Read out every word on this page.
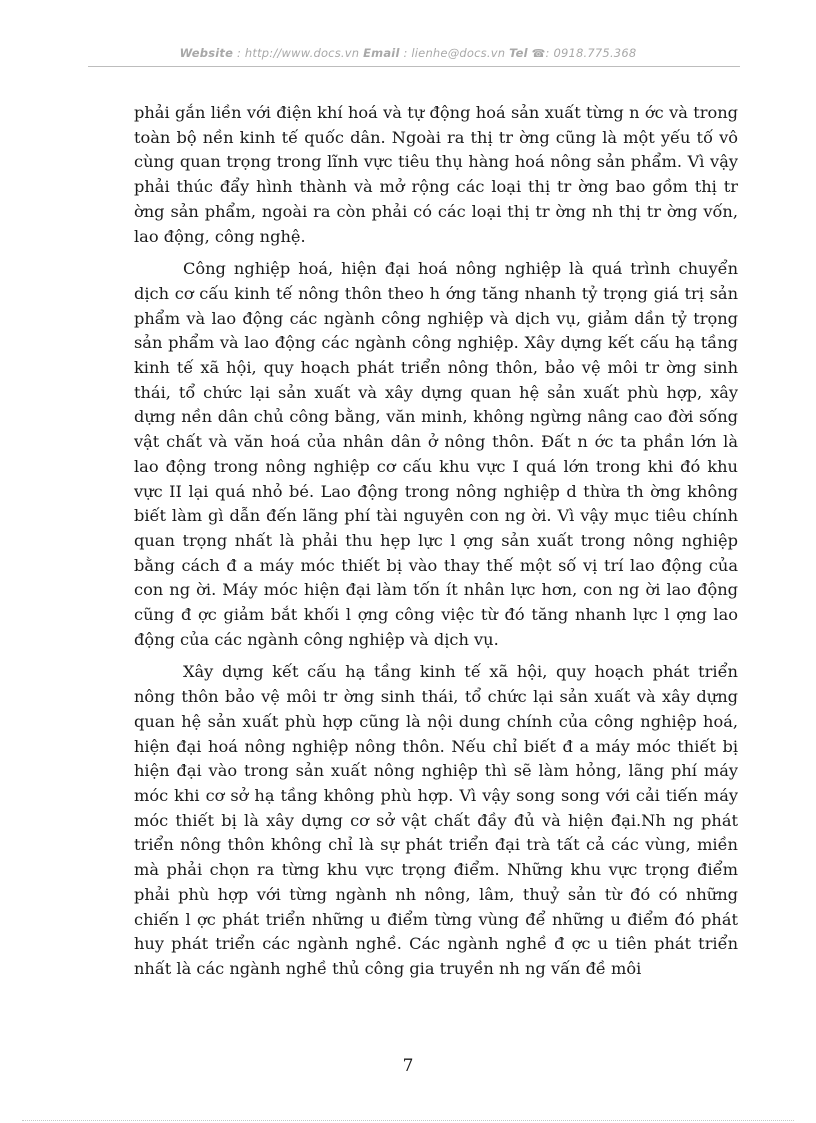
Website : http://www.docs.vn Email : lienhe@docs.vn Tel ☎: 0918.775.368

phải gắn liền với điện khí hoá và tự động hoá sản xuất từng n ớc và trong toàn bộ nền kinh tế quốc dân. Ngoài ra thị tr ờng cũng là một yếu tố vô cùng quan trọng trong lĩnh vực tiêu thụ hàng hoá nông sản phẩm. Vì vậy phải thúc đẩy hình thành và mở rộng các loại thị tr ờng bao gồm thị tr ờng sản phẩm, ngoài ra còn phải có các loại thị tr ờng nh thị tr ờng vốn, lao động, công nghệ.

Công nghiệp hoá, hiện đại hoá nông nghiệp là quá trình chuyển dịch cơ cấu kinh tế nông thôn theo h ớng tăng nhanh tỷ trọng giá trị sản phẩm và lao động các ngành công nghiệp và dịch vụ, giảm dần tỷ trọng sản phẩm và lao động các ngành công nghiệp. Xây dựng kết cấu hạ tầng kinh tế xã hội, quy hoạch phát triển nông thôn, bảo vệ môi tr ờng sinh thái, tổ chức lại sản xuất và xây dựng quan hệ sản xuất phù hợp, xây dựng nền dân chủ công bằng, văn minh, không ngừng nâng cao đời sống vật chất và văn hoá của nhân dân ở nông thôn. Đất n ớc ta phần lớn là lao động trong nông nghiệp cơ cấu khu vực I quá lớn trong khi đó khu vực II lại quá nhỏ bé. Lao động trong nông nghiệp d thừa th ờng không biết làm gì dẫn đến lãng phí tài nguyên con ng ời. Vì vậy mục tiêu chính quan trọng nhất là phải thu hẹp lực l ợng sản xuất trong nông nghiệp bằng cách đ a máy móc thiết bị vào thay thế một số vị trí lao động của con ng ời. Máy móc hiện đại làm tốn ít nhân lực hơn, con ng ời lao động cũng đ ợc giảm bắt khối l ợng công việc từ đó tăng nhanh lực l ợng lao động của các ngành công nghiệp và dịch vụ.

Xây dựng kết cấu hạ tầng kinh tế xã hội, quy hoạch phát triển nông thôn bảo vệ môi tr ờng sinh thái, tổ chức lại sản xuất và xây dựng quan hệ sản xuất phù hợp cũng là nội dung chính của công nghiệp hoá, hiện đại hoá nông nghiệp nông thôn. Nếu chỉ biết đ a máy móc thiết bị hiện đại vào trong sản xuất nông nghiệp thì sẽ làm hỏng, lãng phí máy móc khi cơ sở hạ tầng không phù hợp. Vì vậy song song với cải tiến máy móc thiết bị là xây dựng cơ sở vật chất đầy đủ và hiện đại.Nh ng phát triển nông thôn không chỉ là sự phát triển đại trà tất cả các vùng, miền mà phải chọn ra từng khu vực trọng điểm. Những khu vực trọng điểm phải phù hợp với từng ngành nh nông, lâm, thuỷ sản từ đó có những chiến l ợc phát triển những u điểm từng vùng để những u điểm đó phát huy phát triển các ngành nghề. Các ngành nghề đ ợc u tiên phát triển nhất là các ngành nghề thủ công gia truyền nh ng vấn đề môi

7
